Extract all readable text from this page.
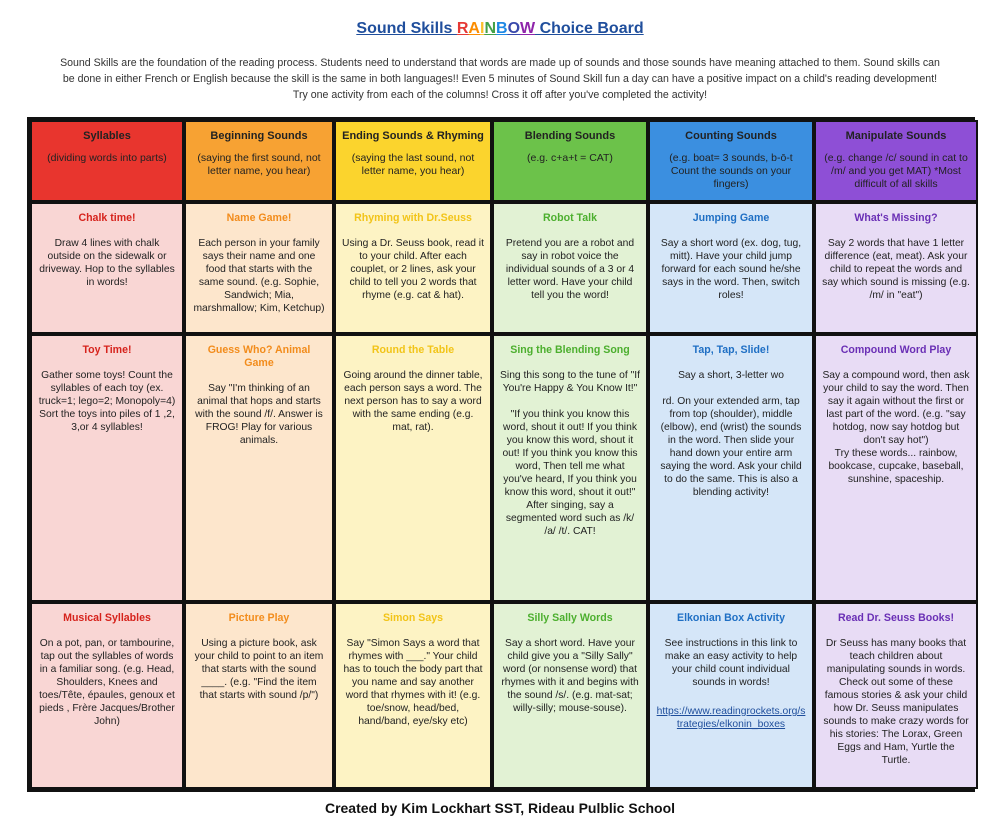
Sound Skills RAINBOW Choice Board
Sound Skills are the foundation of the reading process. Students need to understand that words are made up of sounds and those sounds have meaning attached to them. Sound skills can be done in either French or English because the skill is the same in both languages!! Even 5 minutes of Sound Skill fun a day can have a positive impact on a child's reading development! Try one activity from each of the columns! Cross it off after you've completed the activity!
Syllables
(dividing words into parts)
Beginning Sounds
(saying the first sound, not letter name, you hear)
Ending Sounds & Rhyming
(saying the last sound, not letter name, you hear)
Blending Sounds
(e.g. c+a+t = CAT)
Counting Sounds
(e.g. boat= 3 sounds, b-ō-t Count the sounds on your fingers)
Manipulate Sounds
(e.g. change /c/ sound in cat to /m/ and you get MAT) *Most difficult of all skills
Chalk time!
Draw 4 lines with chalk outside on the sidewalk or driveway. Hop to the syllables in words!
Name Game!
Each person in your family says their name and one food that starts with the same sound. (e.g. Sophie, Sandwich; Mia, marshmallow; Kim, Ketchup)
Rhyming with Dr.Seuss
Using a Dr. Seuss book, read it to your child. After each couplet, or 2 lines, ask your child to tell you 2 words that rhyme (e.g. cat & hat).
Robot Talk
Pretend you are a robot and say in robot voice the individual sounds of a 3 or 4 letter word. Have your child tell you the word!
Jumping Game
Say a short word (ex. dog, tug, mitt). Have your child jump forward for each sound he/she says in the word. Then, switch roles!
What's Missing?
Say 2 words that have 1 letter difference (eat, meat). Ask your child to repeat the words and say which sound is missing (e.g. /m/ in "eat")
Toy Time!
Gather some toys! Count the syllables of each toy (ex. truck=1; lego=2; Monopoly=4) Sort the toys into piles of 1 ,2, 3,or 4 syllables!
Guess Who? Animal Game
Say "I'm thinking of an animal that hops and starts with the sound /f/. Answer is FROG! Play for various animals.
Round the Table
Going around the dinner table, each person says a word. The next person has to say a word with the same ending (e.g. mat, rat).
Sing the Blending Song
Sing this song to the tune of "If You're Happy & You Know It!"

"If you think you know this word, shout it out! If you think you know this word, shout it out! If you think you know this word, Then tell me what you've heard, If you think you know this word, shout it out!"
After singing, say a segmented word such as /k/ /a/ /t/. CAT!
Tap, Tap, Slide!
Say a short, 3-letter wo

rd. On your extended arm, tap from top (shoulder), middle (elbow), end (wrist) the sounds in the word. Then slide your hand down your entire arm saying the word. Ask your child to do the same. This is also a blending activity!
Compound Word Play
Say a compound word, then ask your child to say the word. Then say it again without the first or last part of the word. (e.g. "say hotdog, now say hotdog but don't say hot")
Try these words... rainbow, bookcase, cupcake, baseball, sunshine, spaceship.
Musical Syllables
On a pot, pan, or tambourine, tap out the syllables of words in a familiar song. (e.g. Head, Shoulders, Knees and toes/Tête, épaules, genoux et pieds , Frère Jacques/Brother John)
Picture Play
Using a picture book, ask your child to point to an item that starts with the sound ____. (e.g. "Find the item that starts with sound /p/")
Simon Says
Say "Simon Says a word that rhymes with ___." Your child has to touch the body part that you name and say another word that rhymes with it! (e.g. toe/snow, head/bed, hand/band, eye/sky etc)
Silly Sally Words
Say a short word. Have your child give you a "Silly Sally" word (or nonsense word) that rhymes with it and begins with the sound /s/. (e.g. mat-sat; willy-silly; mouse-sousе).
Elkonian Box Activity
See instructions in this link to make an easy activity to help your child count individual sounds in words!
https://www.readingrockets.org/strategies/elkonin_boxes
Read Dr. Seuss Books!
Dr Seuss has many books that teach children about manipulating sounds in words. Check out some of these famous stories & ask your child how Dr. Seuss manipulates sounds to make crazy words for his stories: The Lorax, Green Eggs and Ham, Yurtle the Turtle.
Created by Kim Lockhart SST, Rideau Pulblic School
